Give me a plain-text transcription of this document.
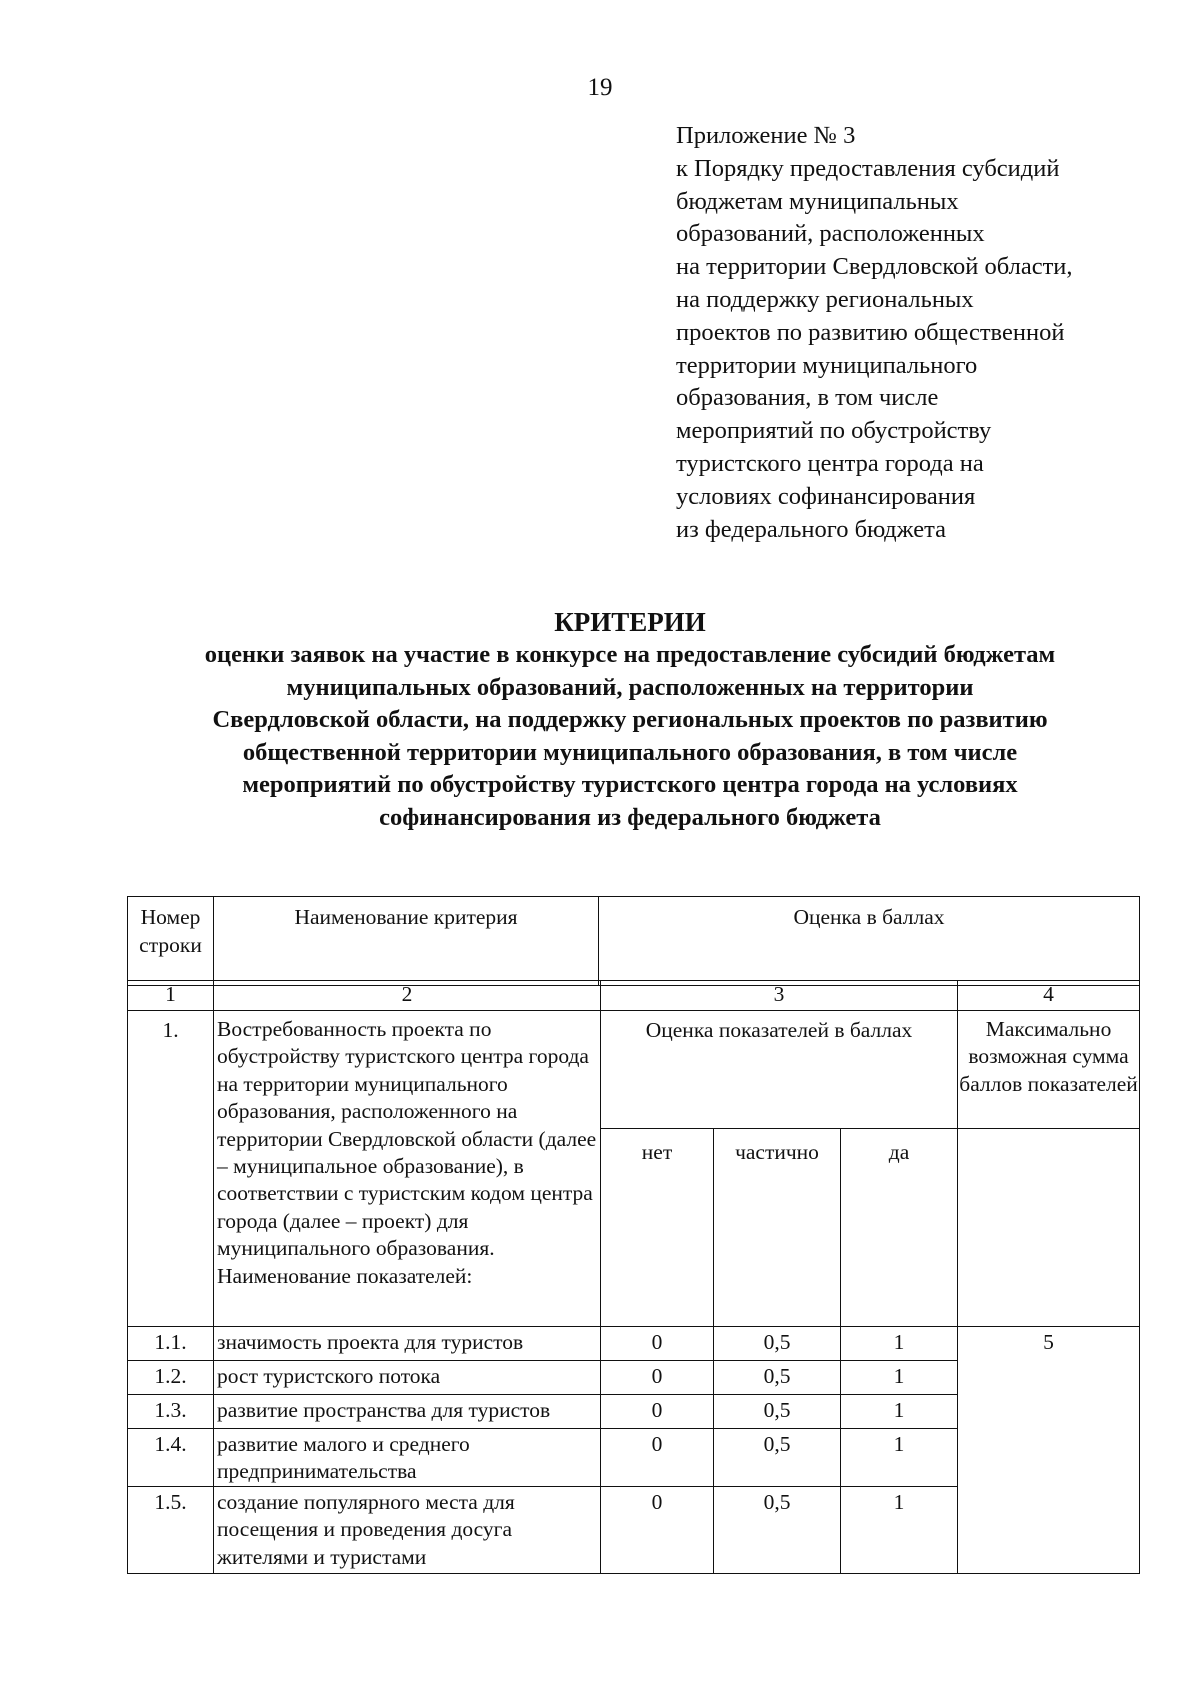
19
Приложение № 3
к Порядку предоставления субсидий
бюджетам муниципальных
образований, расположенных
на территории Свердловской области,
на поддержку региональных
проектов по развитию общественной
территории муниципального
образования, в том числе
мероприятий по обустройству
туристского центра города на
условиях софинансирования
из федерального бюджета
КРИТЕРИИ
оценки заявок на участие в конкурсе на предоставление субсидий бюджетам
муниципальных образований, расположенных на территории
Свердловской области, на поддержку региональных проектов по развитию
общественной территории муниципального образования, в том числе
мероприятий по обустройству туристского центра города на условиях
софинансирования из федерального бюджета
Номер строки	Наименование критерия	Оценка в баллах
1	2	3			4
1.	Востребованность проекта по обустройству туристского центра города на территории муниципального образования, расположенного на территории Свердловской области (далее – муниципальное образование), в соответствии с туристским кодом центра города (далее – проект) для муниципального образования. Наименование показателей:	Оценка показателей в баллах			Максимально возможная сумма баллов показателей
		нет	частично	да	
1.1.	значимость проекта для туристов	0	0,5	1	5
1.2.	рост туристского потока	0	0,5	1	
1.3.	развитие пространства для туристов	0	0,5	1	
1.4.	развитие малого и среднего предпринимательства	0	0,5	1	
1.5.	создание популярного места для посещения и проведения досуга жителями и туристами	0	0,5	1	
